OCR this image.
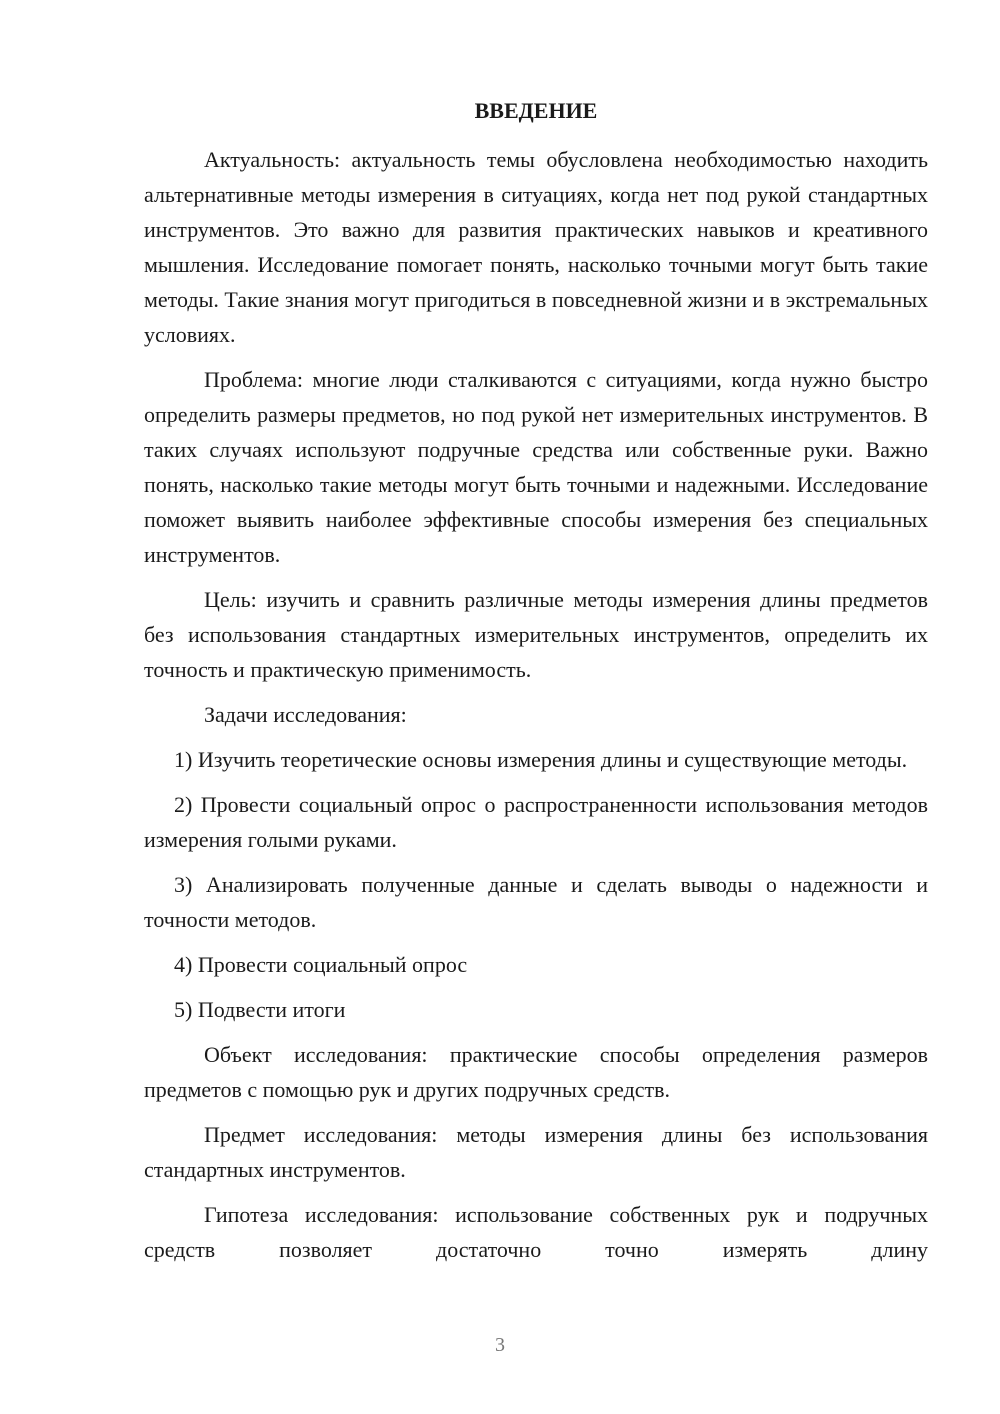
ВВЕДЕНИЕ

Актуальность: актуальность темы обусловлена необходимостью находить альтернативные методы измерения в ситуациях, когда нет под рукой стандартных инструментов. Это важно для развития практических навыков и креативного мышления. Исследование помогает понять, насколько точными могут быть такие методы. Такие знания могут пригодиться в повседневной жизни и в экстремальных условиях.

Проблема: многие люди сталкиваются с ситуациями, когда нужно быстро определить размеры предметов, но под рукой нет измерительных инструментов. В таких случаях используют подручные средства или собственные руки. Важно понять, насколько такие методы могут быть точными и надежными. Исследование поможет выявить наиболее эффективные способы измерения без специальных инструментов.

Цель: изучить и сравнить различные методы измерения длины предметов без использования стандартных измерительных инструментов, определить их точность и практическую применимость.

Задачи исследования:

1) Изучить теоретические основы измерения длины и существующие методы.

2) Провести социальный опрос о распространенности использования методов измерения голыми руками.

3) Анализировать полученные данные и сделать выводы о надежности и точности методов.

4) Провести социальный опрос

5) Подвести итоги

Объект исследования: практические способы определения размеров предметов с помощью рук и других подручных средств.

Предмет исследования: методы измерения длины без использования стандартных инструментов.

Гипотеза исследования: использование собственных рук и подручных средств позволяет достаточно точно измерять длину

3
